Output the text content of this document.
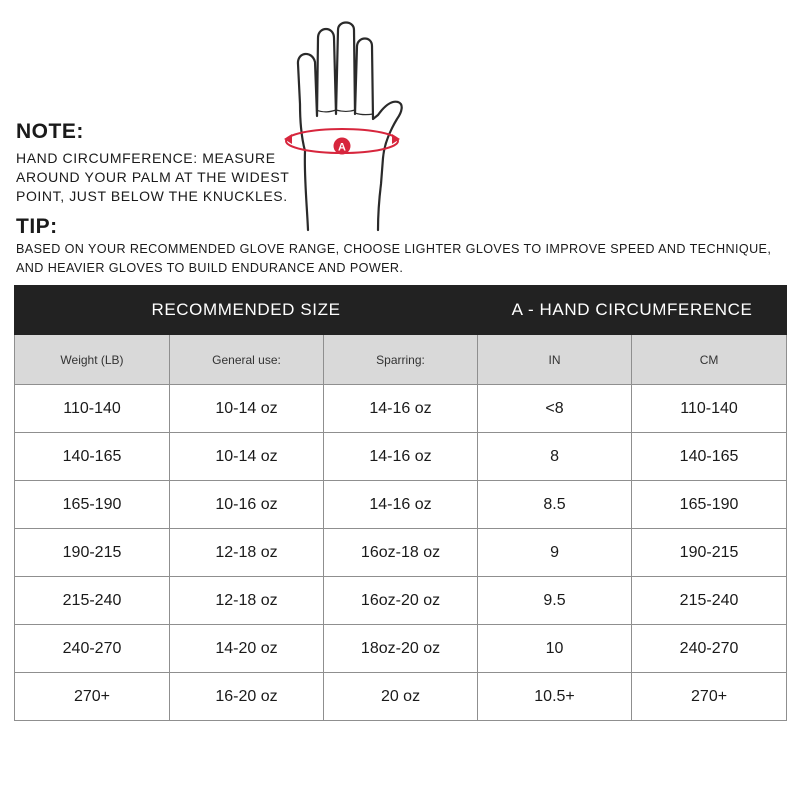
A
NOTE:
HAND CIRCUMFERENCE: MEASURE AROUND YOUR PALM AT THE WIDEST POINT, JUST BELOW THE KNUCKLES.
TIP:
BASED ON YOUR RECOMMENDED GLOVE RANGE, CHOOSE LIGHTER GLOVES TO IMPROVE SPEED AND TECHNIQUE, AND HEAVIER GLOVES TO BUILD ENDURANCE AND POWER.
RECOMMENDED SIZE			A - HAND CIRCUMFERENCE	
Weight (LB)	General use:	Sparring:	IN	CM
110-140	10-14 oz	14-16 oz	<8	110-140
140-165	10-14 oz	14-16 oz	8	140-165
165-190	10-16 oz	14-16 oz	8.5	165-190
190-215	12-18 oz	16oz-18 oz	9	190-215
215-240	12-18 oz	16oz-20 oz	9.5	215-240
240-270	14-20 oz	18oz-20 oz	10	240-270
270+	16-20 oz	20 oz	10.5+	270+
